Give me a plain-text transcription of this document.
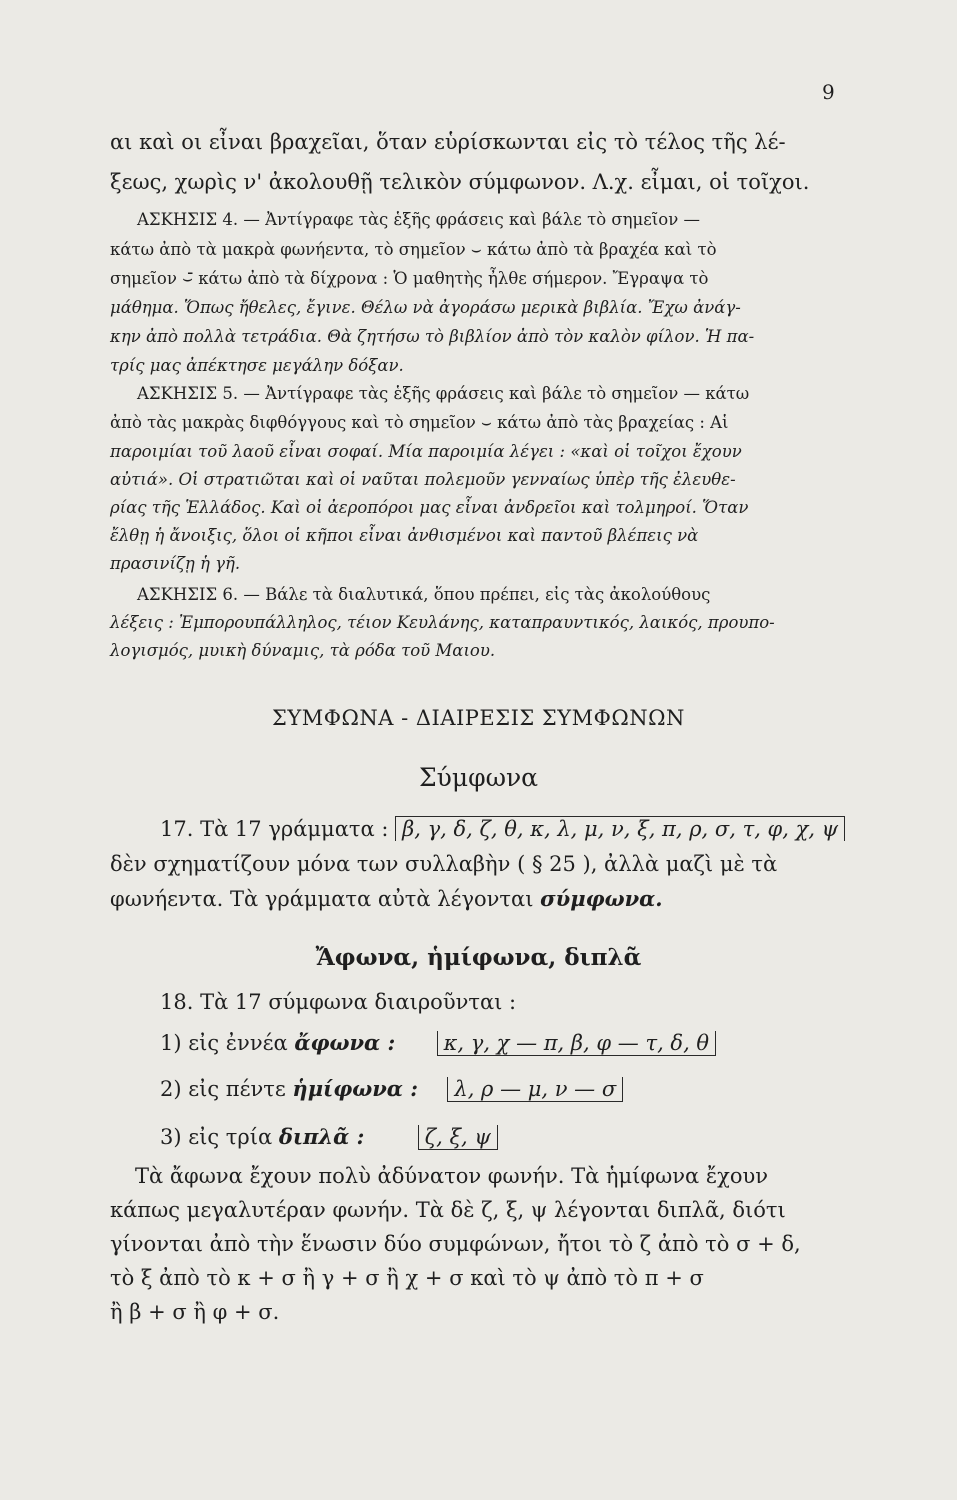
9
αι καὶ οι εἶναι βραχεῖαι, ὅταν εὑρίσκωνται εἰς τὸ τέλος τῆς λέ-
ξεως, χωρὶς ν' ἀκολουθῇ τελικὸν σύμφωνον. Λ.χ. εἶμαι, οἱ τοῖχοι.
ΑΣΚΗΣΙΣ 4. — Ἀντίγραφε τὰς ἑξῆς φράσεις καὶ βάλε τὸ σημεῖον —
κάτω ἀπὸ τὰ μακρὰ φωνήεντα, τὸ σημεῖον ⌣ κάτω ἀπὸ τὰ βραχέα καὶ τὸ
σημεῖον ⌣̄ κάτω ἀπὸ τὰ δίχρονα : Ὁ μαθητὴς ἦλθε σήμερον. Ἔγραψα τὸ
μάθημα. Ὅπως ἤθελες, ἔγινε. Θέλω νὰ ἀγοράσω μερικὰ βιβλία. Ἔχω ἀνάγ-
κην ἀπὸ πολλὰ τετράδια. Θὰ ζητήσω τὸ βιβλίον ἀπὸ τὸν καλὸν φίλον. Ἡ πα-
τρίς μας ἀπέκτησε μεγάλην δόξαν.
ΑΣΚΗΣΙΣ 5. — Ἀντίγραφε τὰς ἑξῆς φράσεις καὶ βάλε τὸ σημεῖον — κάτω
ἀπὸ τὰς μακρὰς διφθόγγους καὶ τὸ σημεῖον ⌣ κάτω ἀπὸ τὰς βραχείας : Αἱ
παροιμίαι τοῦ λαοῦ εἶναι σοφαί. Μία παροιμία λέγει : «καὶ οἱ τοῖχοι ἔχουν
αὐτιά». Οἱ στρατιῶται καὶ οἱ ναῦται πολεμοῦν γενναίως ὑπὲρ τῆς ἐλευθε-
ρίας τῆς Ἑλλάδος. Καὶ οἱ ἀεροπόροι μας εἶναι ἀνδρεῖοι καὶ τολμηροί. Ὅταν
ἔλθῃ ἡ ἄνοιξις, ὅλοι οἱ κῆποι εἶναι ἀνθισμένοι καὶ παντοῦ βλέπεις νὰ
πρασινίζῃ ἡ γῆ.
ΑΣΚΗΣΙΣ 6. — Βάλε τὰ διαλυτικά, ὅπου πρέπει, εἰς τὰς ἀκολούθους
λέξεις : Ἐμπορουπάλληλος, τέιον Κευλάνης, καταπραυντικός, λαικός, προυπο-
λογισμός, μυικὴ δύναμις, τὰ ρόδα τοῦ Μαιου.
ΣΥΜΦΩΝΑ - ΔΙΑΙΡΕΣΙΣ ΣΥΜΦΩΝΩΝ
Σύμφωνα
17. Τὰ 17 γράμματα : β, γ, δ, ζ, θ, κ, λ, μ, ν, ξ, π, ρ, σ, τ, φ, χ, ψ
δὲν σχηματίζουν μόνα των συλλαβὴν ( § 25 ), ἀλλὰ μαζὶ μὲ τὰ
φωνήεντα. Τὰ γράμματα αὐτὰ λέγονται σύμφωνα.
Ἄφωνα, ἡμίφωνα, διπλᾶ
18. Τὰ 17 σύμφωνα διαιροῦνται :
1) εἰς ἐννέα ἄφωνα : κ, γ, χ — π, β, φ — τ, δ, θ
2) εἰς πέντε ἡμίφωνα : λ, ρ — μ, ν — σ
3) εἰς τρία διπλᾶ :	ζ, ξ, ψ
Τὰ ἄφωνα ἔχουν πολὺ ἀδύνατον φωνήν. Τὰ ἡμίφωνα ἔχουν
κάπως μεγαλυτέραν φωνήν. Τὰ δὲ ζ, ξ, ψ λέγονται διπλᾶ, διότι
γίνονται ἀπὸ τὴν ἕνωσιν δύο συμφώνων, ἤτοι τὸ ζ ἀπὸ τὸ σ + δ,
τὸ ξ ἀπὸ τὸ κ + σ ἢ γ + σ ἢ χ + σ καὶ τὸ ψ ἀπὸ τὸ π + σ
ἢ β + σ ἢ φ + σ.
